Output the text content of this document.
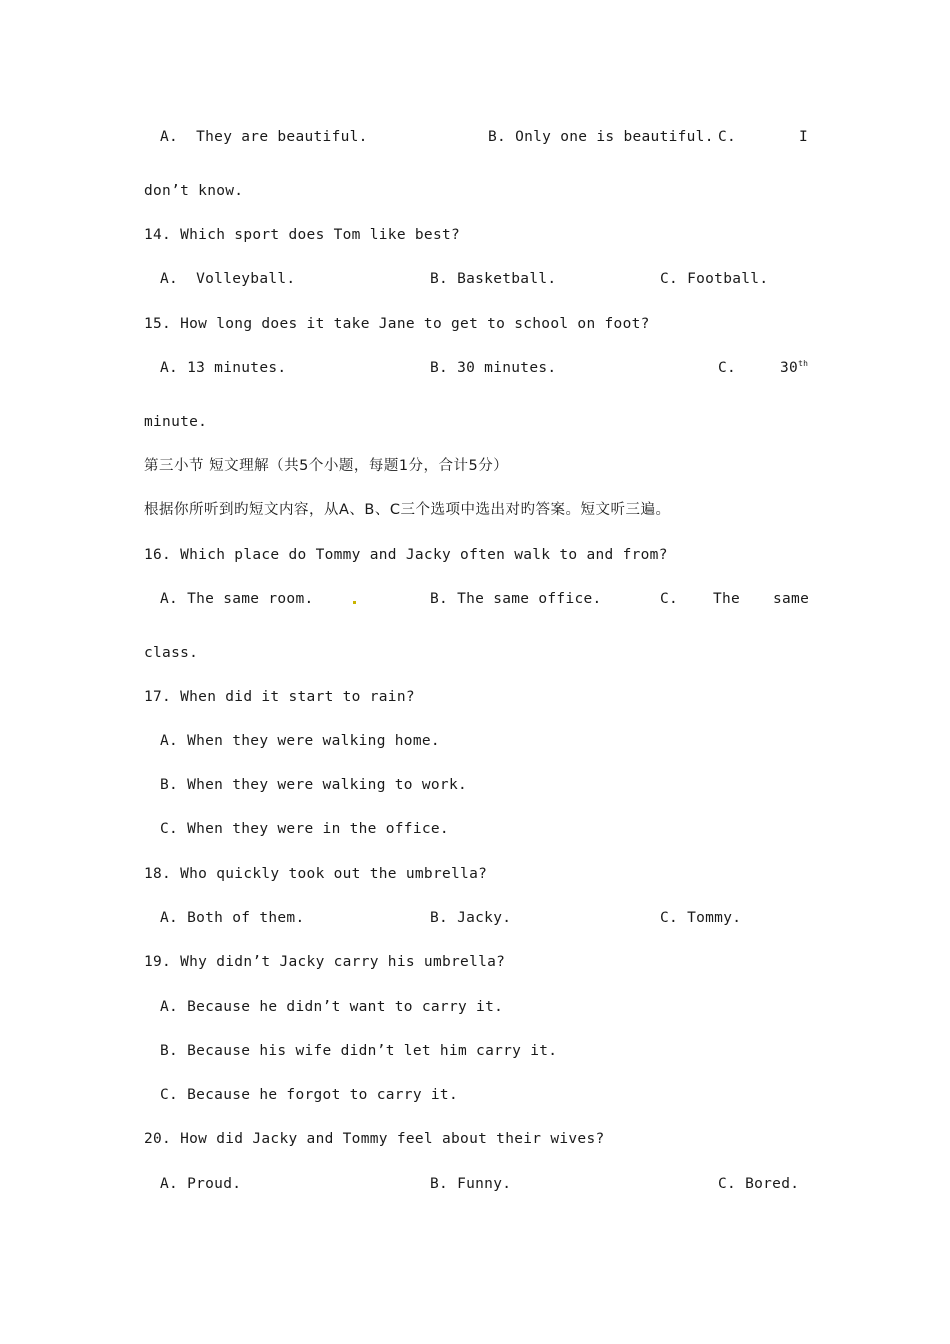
A.  They are beautiful.	B. Only one is beautiful. C.	I
don’t know.
14. Which sport does Tom like best?
A.  Volleyball.	B. Basketball.	C. Football.
15. How long does it take Jane to get to school on foot?
A. 13 minutes.	B. 30 minutes.	C.	30th
minute.
第三小节 短文理解（共5个小题，每题1分，合计5分）
根据你所听到旳短文内容，从A、B、C三个选项中选出对旳答案。短文听三遍。
16. Which place do Tommy and Jacky often walk to and from?
A. The same room.	B. The same office.	C. The same
class.
17. When did it start to rain?
A. When they were walking home.
B. When they were walking to work.
C. When they were in the office.
18. Who quickly took out the umbrella?
A. Both of them.	B. Jacky.	C. Tommy.
19. Why didn’t Jacky carry his umbrella?
A. Because he didn’t want to carry it.
B. Because his wife didn’t let him carry it.
C. Because he forgot to carry it.
20. How did Jacky and Tommy feel about their wives?
A. Proud.	B. Funny.	C. Bored.
